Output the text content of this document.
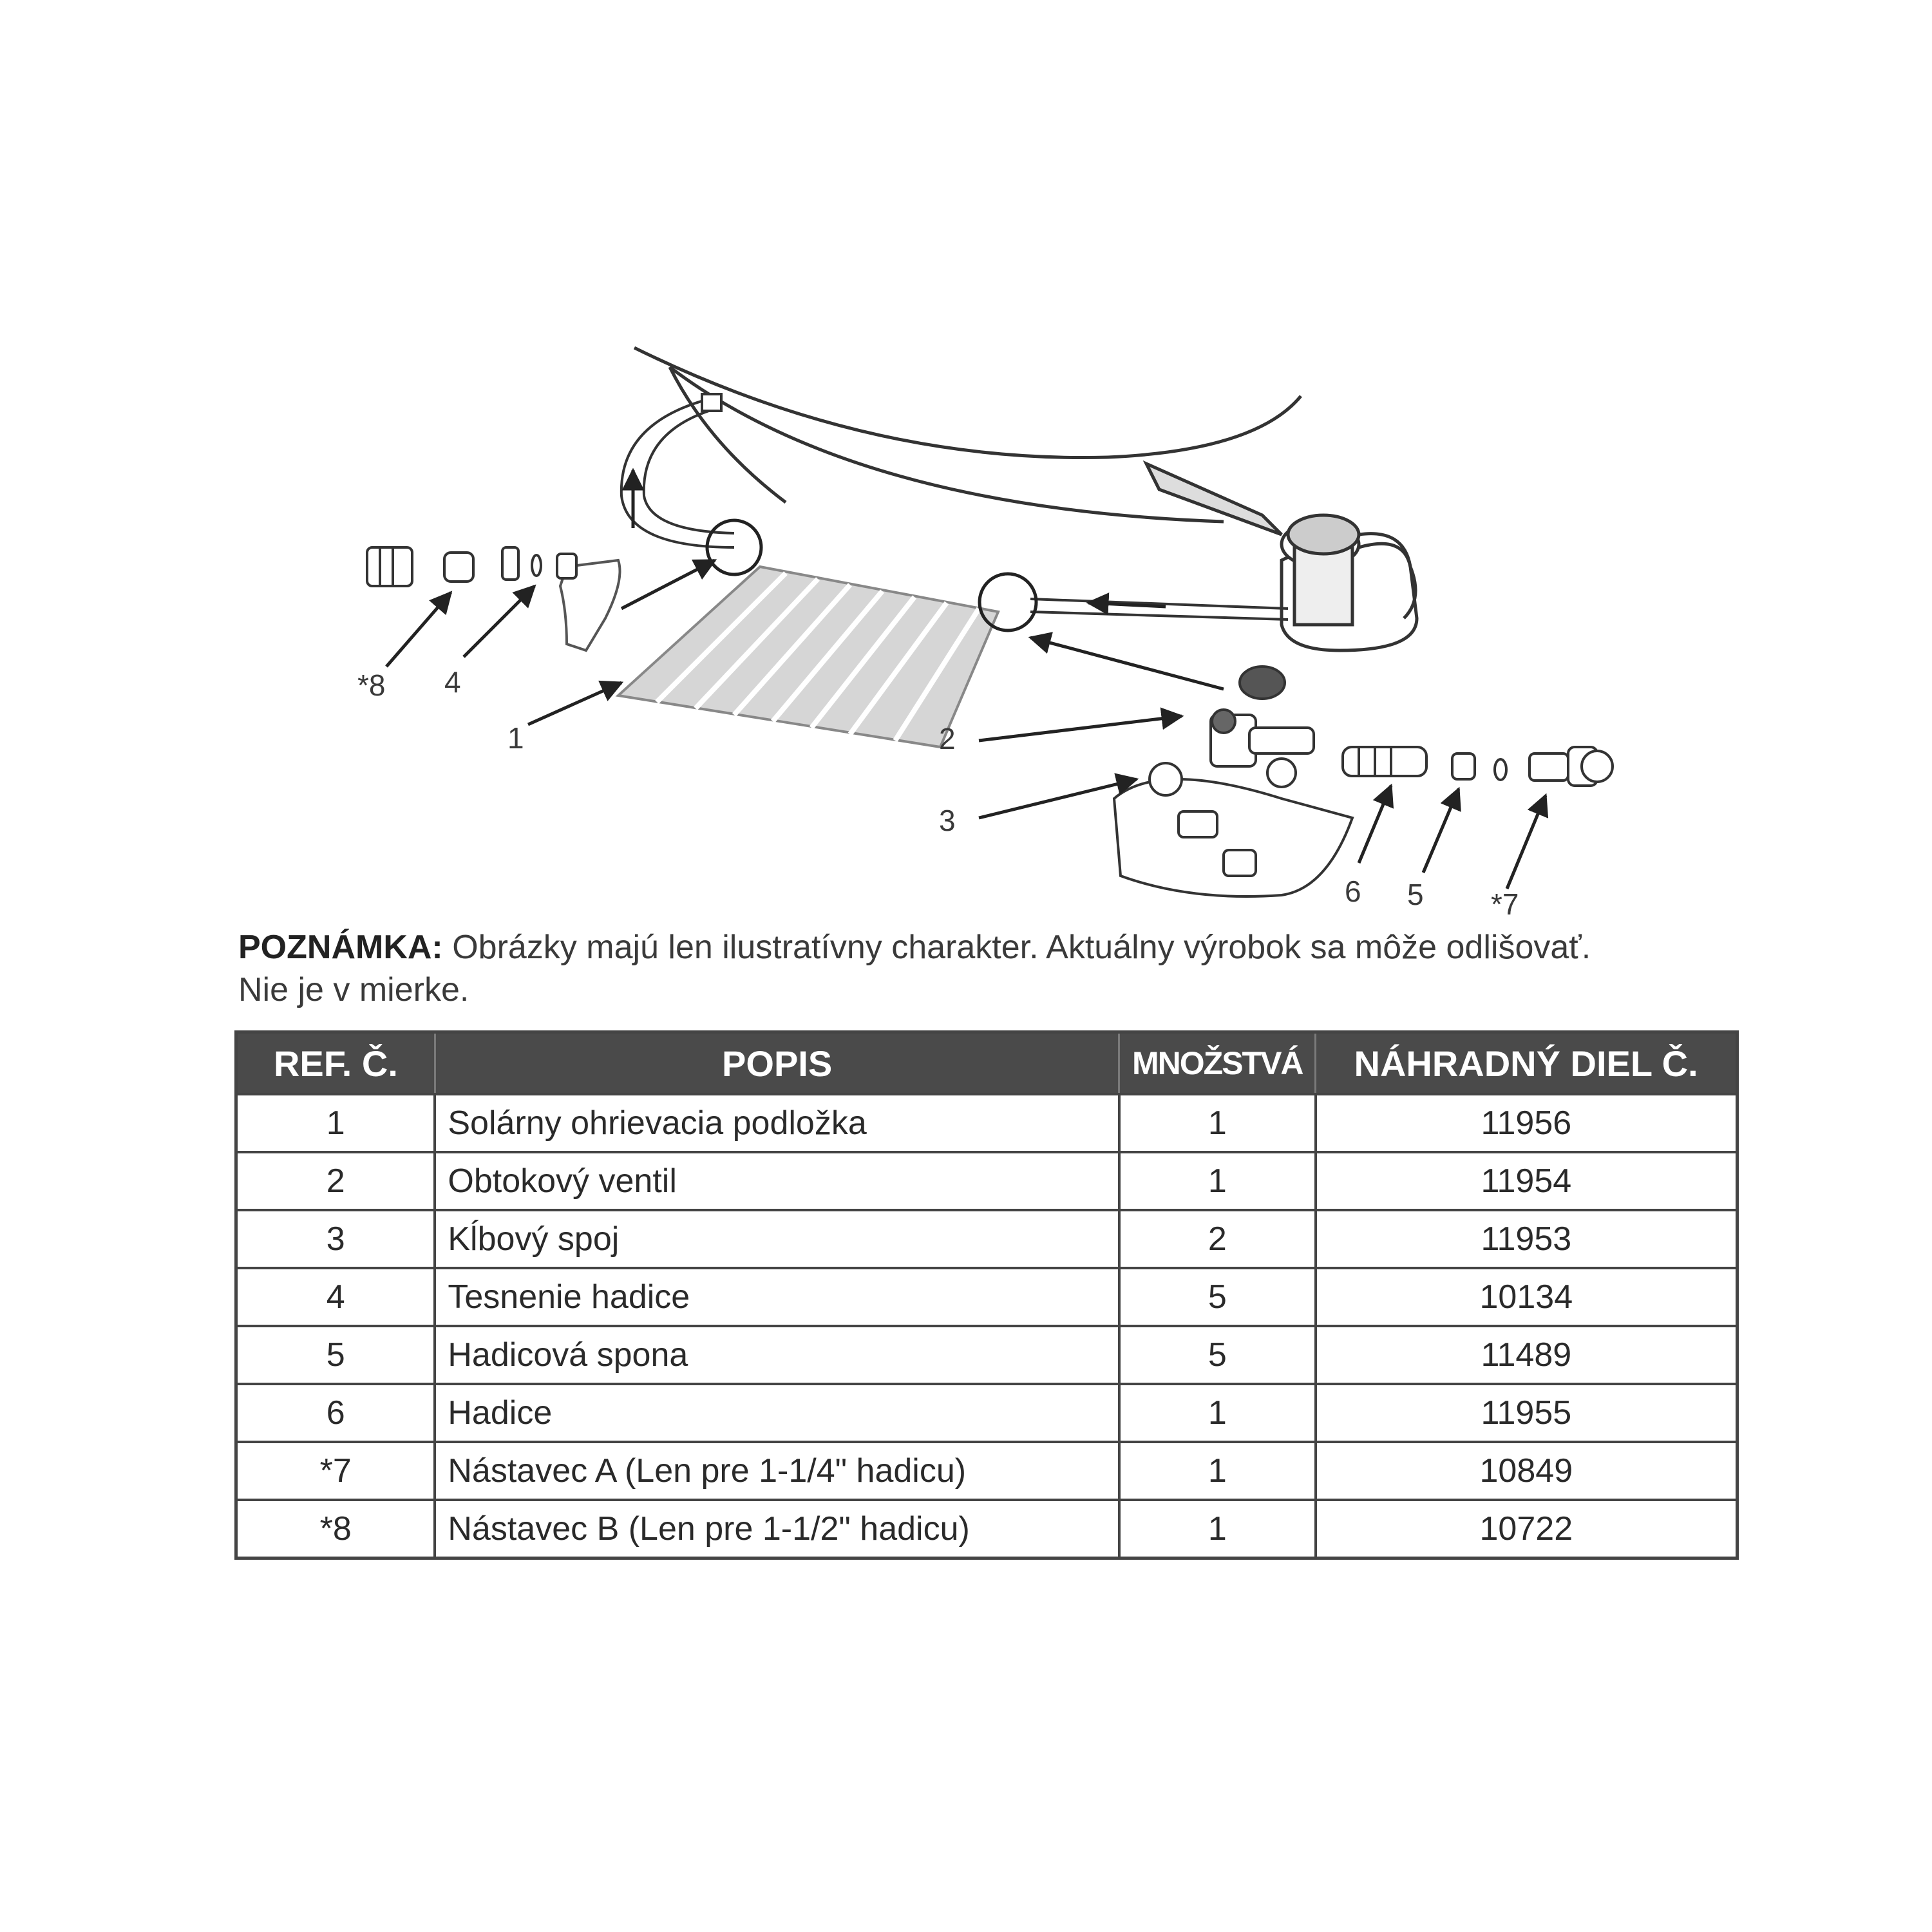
*8 4
1	2
3
6 5 *7
POZNÁMKA: Obrázky majú len ilustratívny charakter. Aktuálny výrobok sa môže odlišovať.
Nie je v mierke.
REF. Č.	POPIS	MNOŽSTVÁ	NÁHRADNÝ DIEL Č.
1	Solárny ohrievacia podložka	1	11956
2	Obtokový ventil	1	11954
3	Kĺbový spoj	2	11953
4	Tesnenie hadice	5	10134
5	Hadicová spona	5	11489
6	Hadice	1	11955
*7	Nástavec A (Len pre 1-1/4" hadicu)	1	10849
*8	Nástavec B (Len pre 1-1/2" hadicu)	1	10722
